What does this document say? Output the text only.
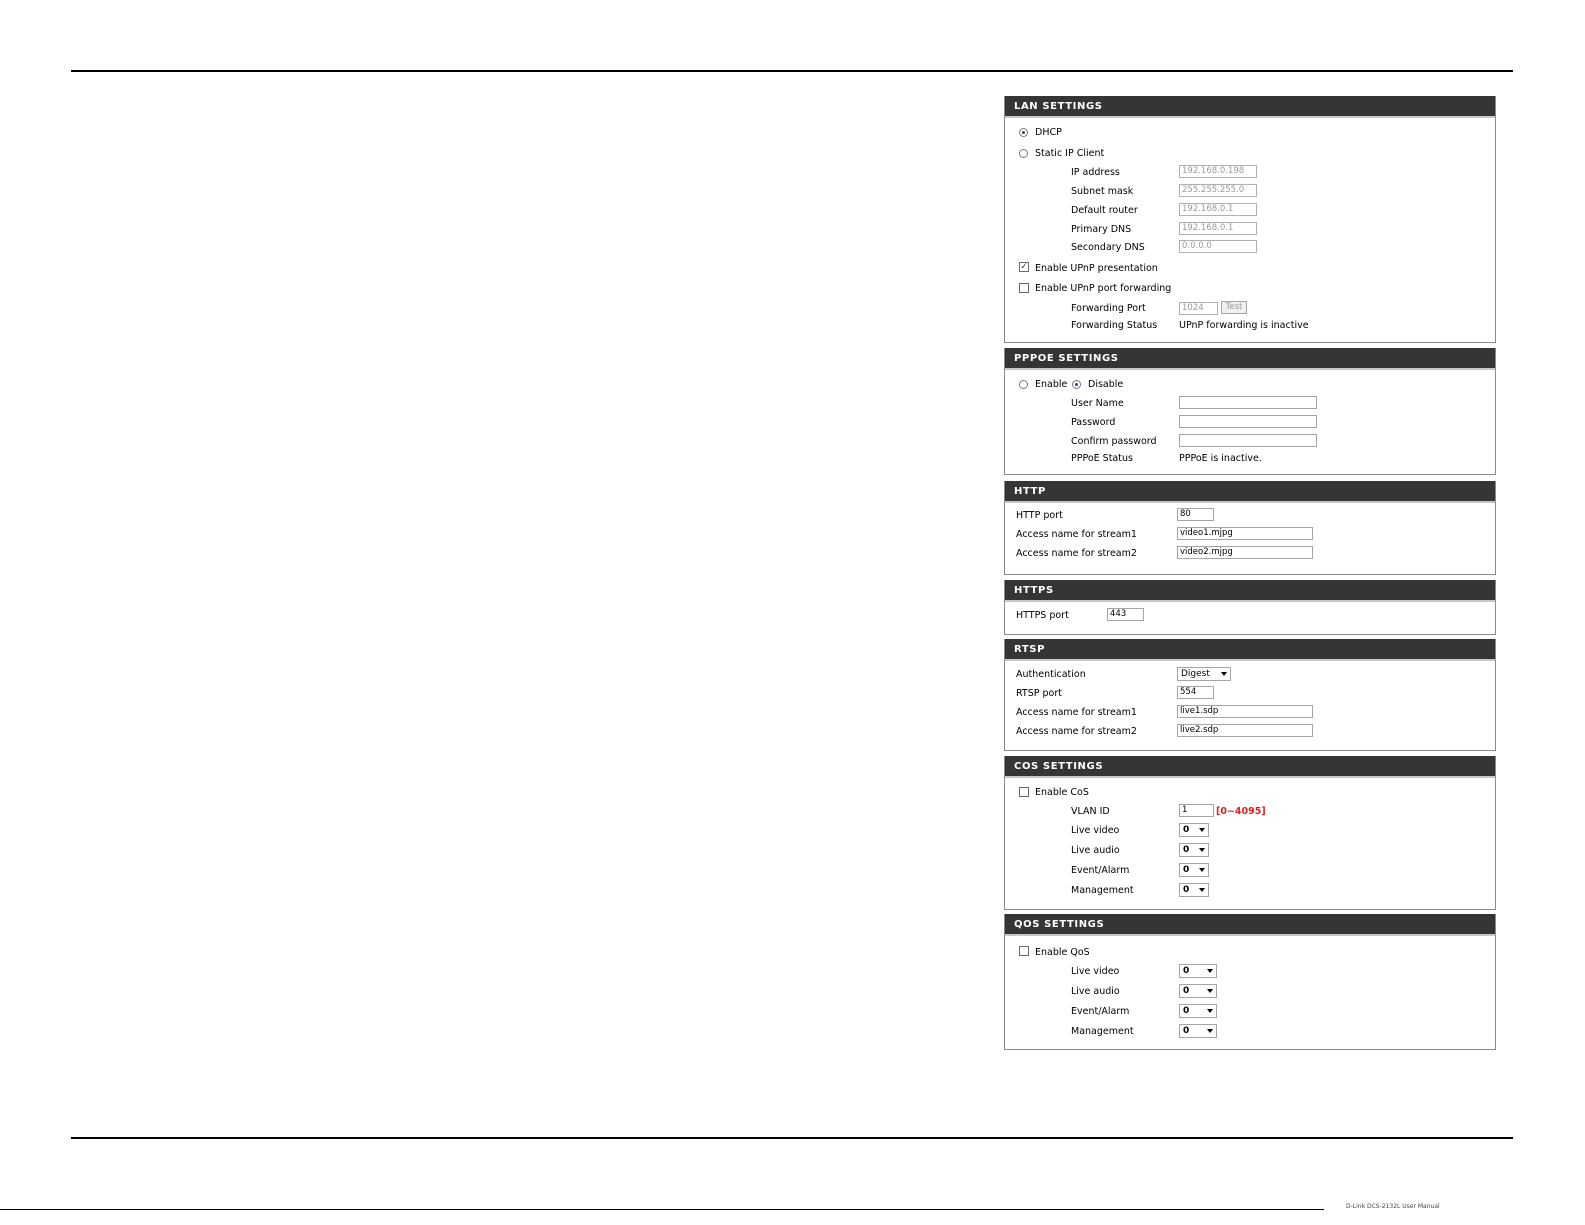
LAN SETTINGS
DHCP
Static IP Client
IP address	192.168.0.198
Subnet mask	255.255.255.0
Default router	192.168.0.1
Primary DNS	192.168.0.1
Secondary DNS	0.0.0.0
✓ Enable UPnP presentation
Enable UPnP port forwarding
Forwarding Port	1024	Test
Forwarding Status UPnP forwarding is inactive
PPPOE SETTINGS
Enable Disable
User Name
Password
Confirm password
PPPoE Status	PPPoE is inactive.
HTTP
HTTP port	80
Access name for stream1	video1.mjpg
Access name for stream2	video2.mjpg
HTTPS
HTTPS port	443
RTSP
Authentication	Digest
RTSP port	554
Access name for stream1	live1.sdp
Access name for stream2	live2.sdp
COS SETTINGS
Enable CoS
VLAN ID	1	[0~4095]
Live video	0
Live audio	0
Event/Alarm	0
Management	0
QOS SETTINGS
Enable QoS
Live video	0
Live audio	0
Event/Alarm	0
Management	0
D-Link DCS-2132L User Manual
